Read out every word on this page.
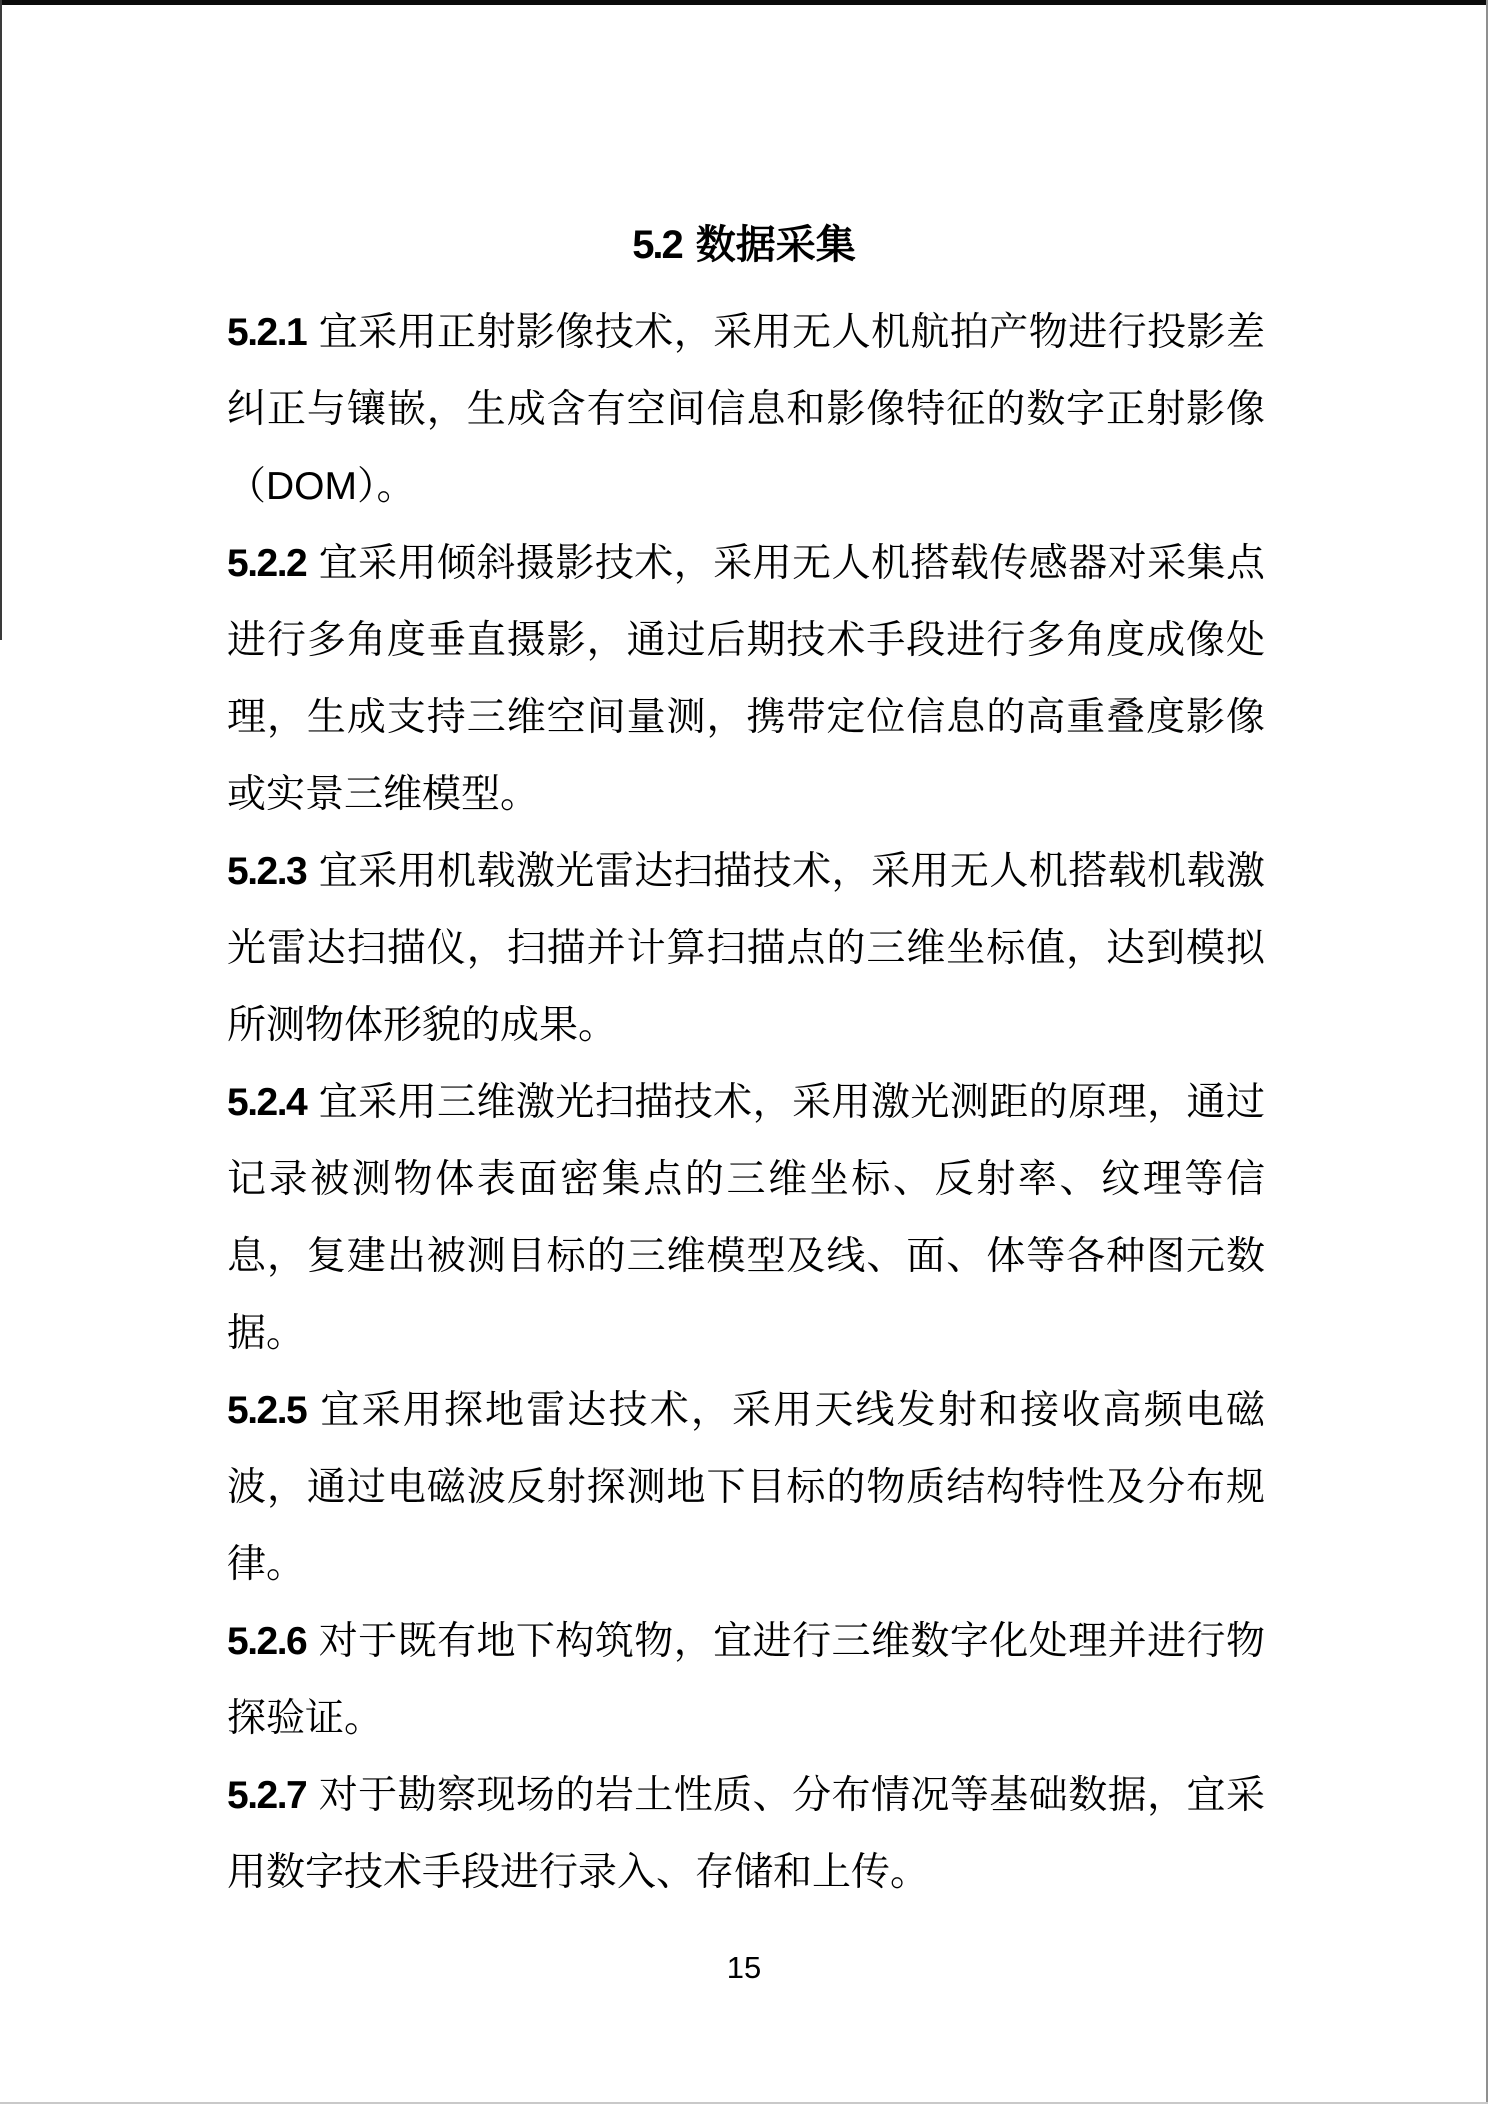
5.2 数据采集

5.2.1 宜采用正射影像技术，采用无人机航拍产物进行投影差纠正与镶嵌，生成含有空间信息和影像特征的数字正射影像（DOM）。

5.2.2 宜采用倾斜摄影技术，采用无人机搭载传感器对采集点进行多角度垂直摄影，通过后期技术手段进行多角度成像处理，生成支持三维空间量测，携带定位信息的高重叠度影像或实景三维模型。

5.2.3 宜采用机载激光雷达扫描技术，采用无人机搭载机载激光雷达扫描仪，扫描并计算扫描点的三维坐标值，达到模拟所测物体形貌的成果。

5.2.4 宜采用三维激光扫描技术，采用激光测距的原理，通过记录被测物体表面密集点的三维坐标、反射率、纹理等信息，复建出被测目标的三维模型及线、面、体等各种图元数据。

5.2.5 宜采用探地雷达技术，采用天线发射和接收高频电磁波，通过电磁波反射探测地下目标的物质结构特性及分布规律。

5.2.6 对于既有地下构筑物，宜进行三维数字化处理并进行物探验证。

5.2.7 对于勘察现场的岩土性质、分布情况等基础数据，宜采用数字技术手段进行录入、存储和上传。

15
